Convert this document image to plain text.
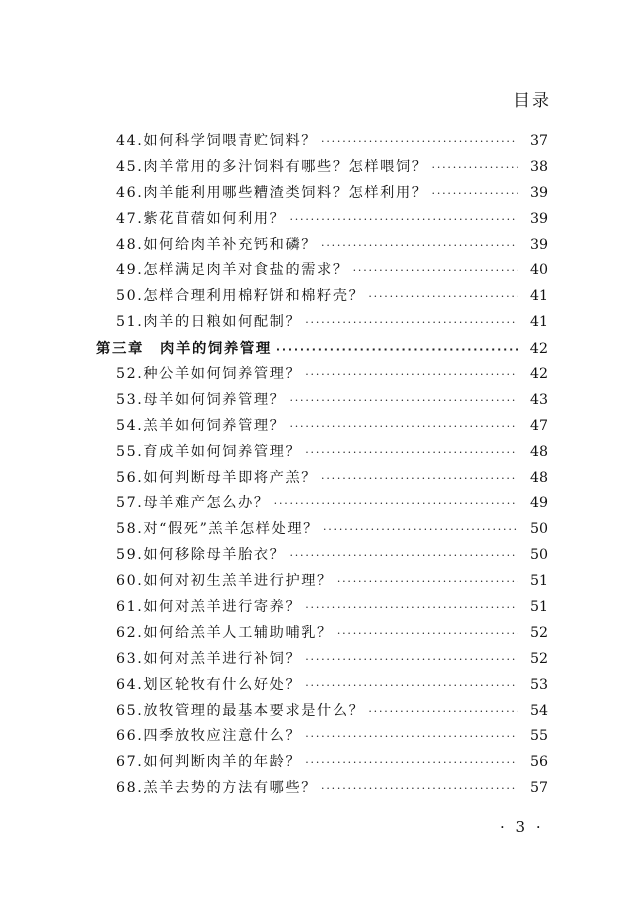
目录
44.如何科学饲喂青贮饲料？ ·····	37
45.肉羊常用的多汁饲料有哪些？怎样喂饲？ ·····	38
46.肉羊能利用哪些糟渣类饲料？怎样利用？ ·····	39
47.紫花苜蓿如何利用？ ·····	39
48.如何给肉羊补充钙和磷？ ·····	39
49.怎样满足肉羊对食盐的需求？ ·····	40
50.怎样合理利用棉籽饼和棉籽壳？ ·····	41
51.肉羊的日粮如何配制？ ·····	41
第三章　肉羊的饲养管理 ·····	42
52.种公羊如何饲养管理？ ·····	42
53.母羊如何饲养管理？ ·····	43
54.羔羊如何饲养管理？ ·····	47
55.育成羊如何饲养管理？ ·····	48
56.如何判断母羊即将产羔？ ·····	48
57.母羊难产怎么办？ ·····	49
58.对“假死”羔羊怎样处理？ ·····	50
59.如何移除母羊胎衣？ ·····	50
60.如何对初生羔羊进行护理？ ·····	51
61.如何对羔羊进行寄养？ ·····	51
62.如何给羔羊人工辅助哺乳？ ·····	52
63.如何对羔羊进行补饲？ ·····	52
64.划区轮牧有什么好处？ ·····	53
65.放牧管理的最基本要求是什么？ ·····	54
66.四季放牧应注意什么？ ·····	55
67.如何判断肉羊的年龄？ ·····	56
68.羔羊去势的方法有哪些？ ·····	57
· 3 ·
